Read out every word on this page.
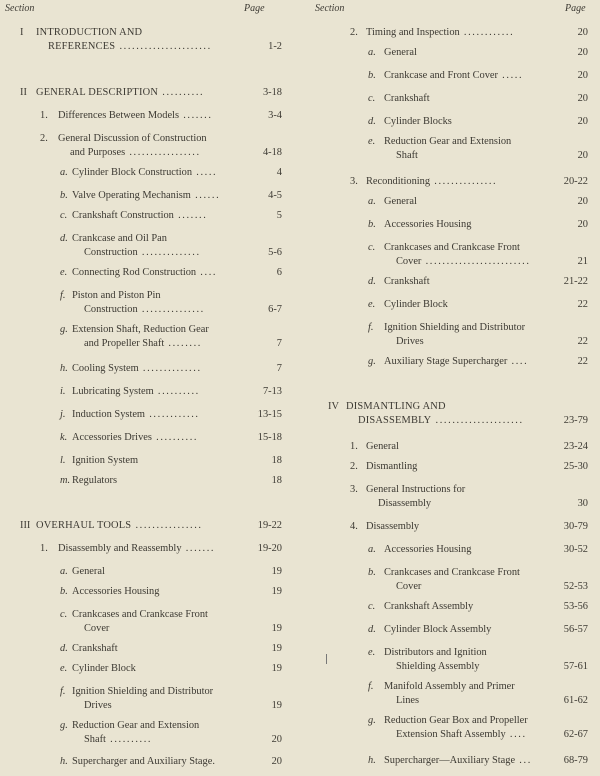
Section	Page
I INTRODUCTION AND
REFERENCES ......................	1-2
II GENERAL DESCRIPTION ..........	3-18
1. Differences Between Models .......	3-4
2. General Discussion of Construction
and Purposes .................	4-18
a. Cylinder Block Construction .....	4
b. Valve Operating Mechanism ......	4-5
c. Crankshaft Construction .......	5
d. Crankcase and Oil Pan
Construction ..............	5-6
e. Connecting Rod Construction ....	6
f. Piston and Piston Pin
Construction ...............	6-7
g. Extension Shaft, Reduction Gear
and Propeller Shaft ........	7
h. Cooling System ..............	7
i. Lubricating System ..........	7-13
j. Induction System ............	13-15
k. Accessories Drives ..........	15-18
l. Ignition System	18
m. Regulators	18
III OVERHAUL TOOLS ................	19-22
1. Disassembly and Reassembly .......	19-20
a. General	19
b. Accessories Housing	19
c. Crankcases and Crankcase Front
Cover	19
d. Crankshaft	19
e. Cylinder Block	19
f. Ignition Shielding and Distributor
Drives	19
g. Reduction Gear and Extension
Shaft ..........	20
h. Supercharger and Auxiliary Stage.	20
Section	Page
2. Timing and Inspection ............	20
a. General	20
b. Crankcase and Front Cover .....	20
c. Crankshaft	20
d. Cylinder Blocks	20
e. Reduction Gear and Extension
Shaft	20
3. Reconditioning ...............	20-22
a. General	20
b. Accessories Housing	20
c. Crankcases and Crankcase Front
Cover .........................	21
d. Crankshaft	21-22
e. Cylinder Block	22
f. Ignition Shielding and Distributor
Drives	22
g. Auxiliary Stage Supercharger ....	22
IV DISMANTLING AND
DISASSEMBLY .....................	23-79
1. General	23-24
2. Dismantling	25-30
3. General Instructions for
Disassembly	30
4. Disassembly	30-79
a. Accessories Housing	30-52
b. Crankcases and Crankcase Front
Cover	52-53
c. Crankshaft Assembly	53-56
d. Cylinder Block Assembly	56-57
e. Distributors and Ignition
Shielding Assembly	57-61
f. Manifold Assembly and Primer
Lines	61-62
g. Reduction Gear Box and Propeller
Extension Shaft Assembly ....	62-67
h. Supercharger—Auxiliary Stage ...	68-79
